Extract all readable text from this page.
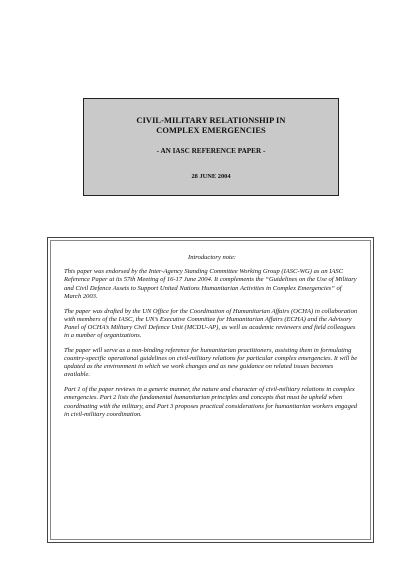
CIVIL-MILITARY RELATIONSHIP IN
COMPLEX EMERGENCIES
- AN IASC REFERENCE PAPER -
28 JUNE 2004
Introductory note:

This paper was endorsed by the Inter-Agency Standing Committee Working Group (IASC-WG) as an IASC Reference Paper at its 57th Meeting of 16-17 June 2004. It complements the “Guidelines on the Use of Military and Civil Defence Assets to Support United Nations Humanitarian Activities in Complex Emergencies” of March 2003.

The paper was drafted by the UN Office for the Coordination of Humanitarian Affairs (OCHA) in collaboration with members of the IASC, the UN’s Executive Committee for Humanitarian Affairs (ECHA) and the Advisory Panel of OCHA’s Military Civil Defence Unit (MCDU-AP), as well as academic reviewers and field colleagues in a number of organizations.

The paper will serve as a non-binding reference for humanitarian practitioners, assisting them in formulating country-specific operational guidelines on civil-military relations for particular complex emergencies. It will be updated as the environment in which we work changes and as new guidance on related issues becomes available.

Part 1 of the paper reviews in a generic manner, the nature and character of civil-military relations in complex emergencies. Part 2 lists the fundamental humanitarian principles and concepts that must be upheld when coordinating with the military, and Part 3 proposes practical considerations for humanitarian workers engaged in civil-military coordination.
